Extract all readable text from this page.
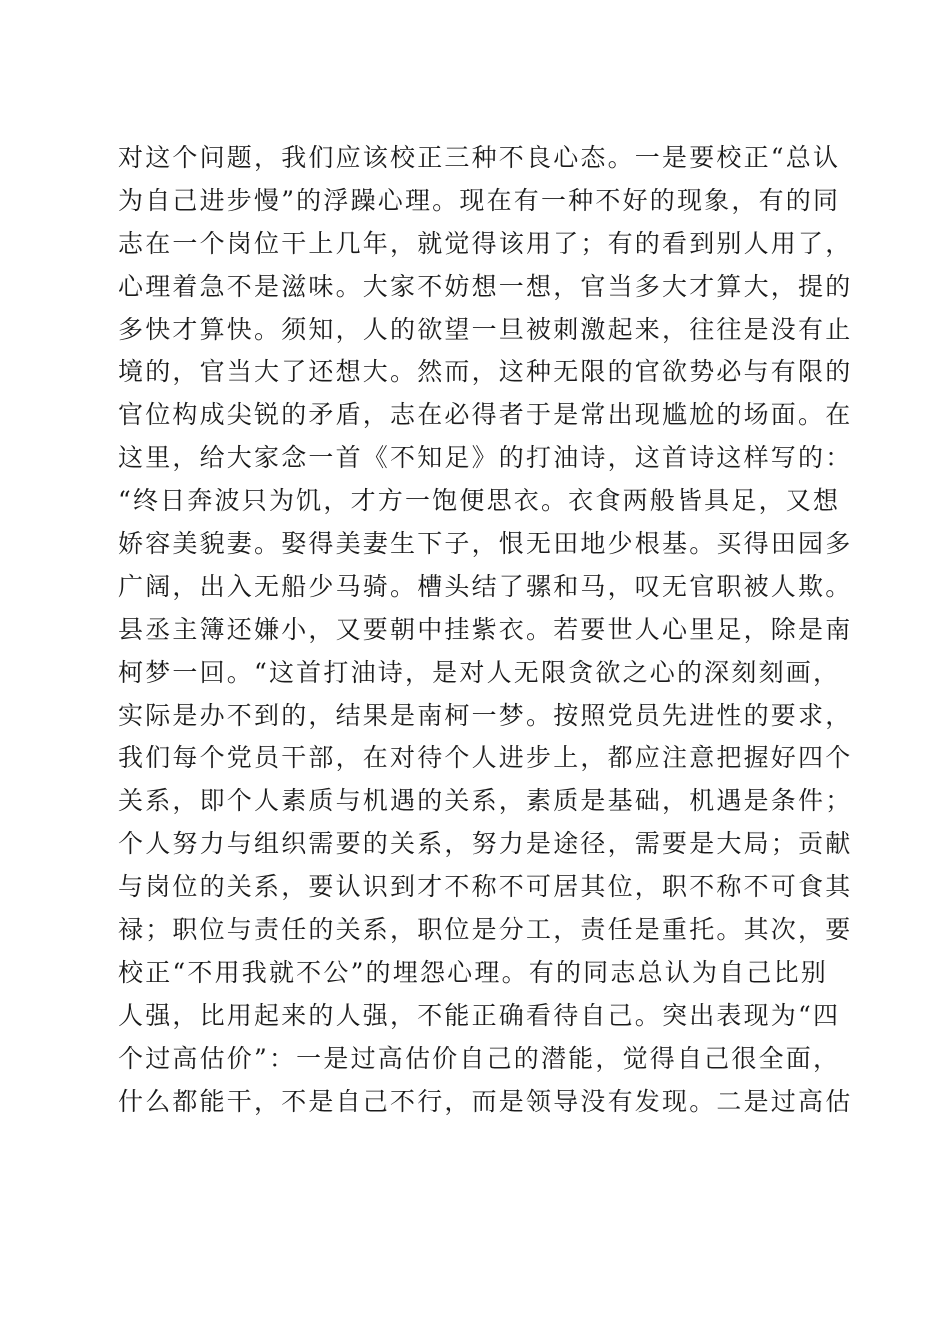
对这个问题，我们应该校正三种不良心态。一是要校正“总认
为自己进步慢”的浮躁心理。现在有一种不好的现象，有的同
志在一个岗位干上几年，就觉得该用了；有的看到别人用了，
心理着急不是滋味。大家不妨想一想，官当多大才算大，提的
多快才算快。须知，人的欲望一旦被刺激起来，往往是没有止
境的，官当大了还想大。然而，这种无限的官欲势必与有限的
官位构成尖锐的矛盾，志在必得者于是常出现尴尬的场面。在
这里，给大家念一首《不知足》的打油诗，这首诗这样写的：
“终日奔波只为饥，才方一饱便思衣。衣食两般皆具足，又想
娇容美貌妻。娶得美妻生下子，恨无田地少根基。买得田园多
广阔，出入无船少马骑。槽头结了骡和马，叹无官职被人欺。
县丞主簿还嫌小，又要朝中挂紫衣。若要世人心里足，除是南
柯梦一回。“这首打油诗，是对人无限贪欲之心的深刻刻画，
实际是办不到的，结果是南柯一梦。按照党员先进性的要求，
我们每个党员干部，在对待个人进步上，都应注意把握好四个
关系，即个人素质与机遇的关系，素质是基础，机遇是条件；
个人努力与组织需要的关系，努力是途径，需要是大局；贡献
与岗位的关系，要认识到才不称不可居其位，职不称不可食其
禄；职位与责任的关系，职位是分工，责任是重托。其次，要
校正“不用我就不公”的埋怨心理。有的同志总认为自己比别
人强，比用起来的人强，不能正确看待自己。突出表现为“四
个过高估价”：一是过高估价自己的潜能，觉得自己很全面，
什么都能干，不是自己不行，而是领导没有发现。二是过高估
